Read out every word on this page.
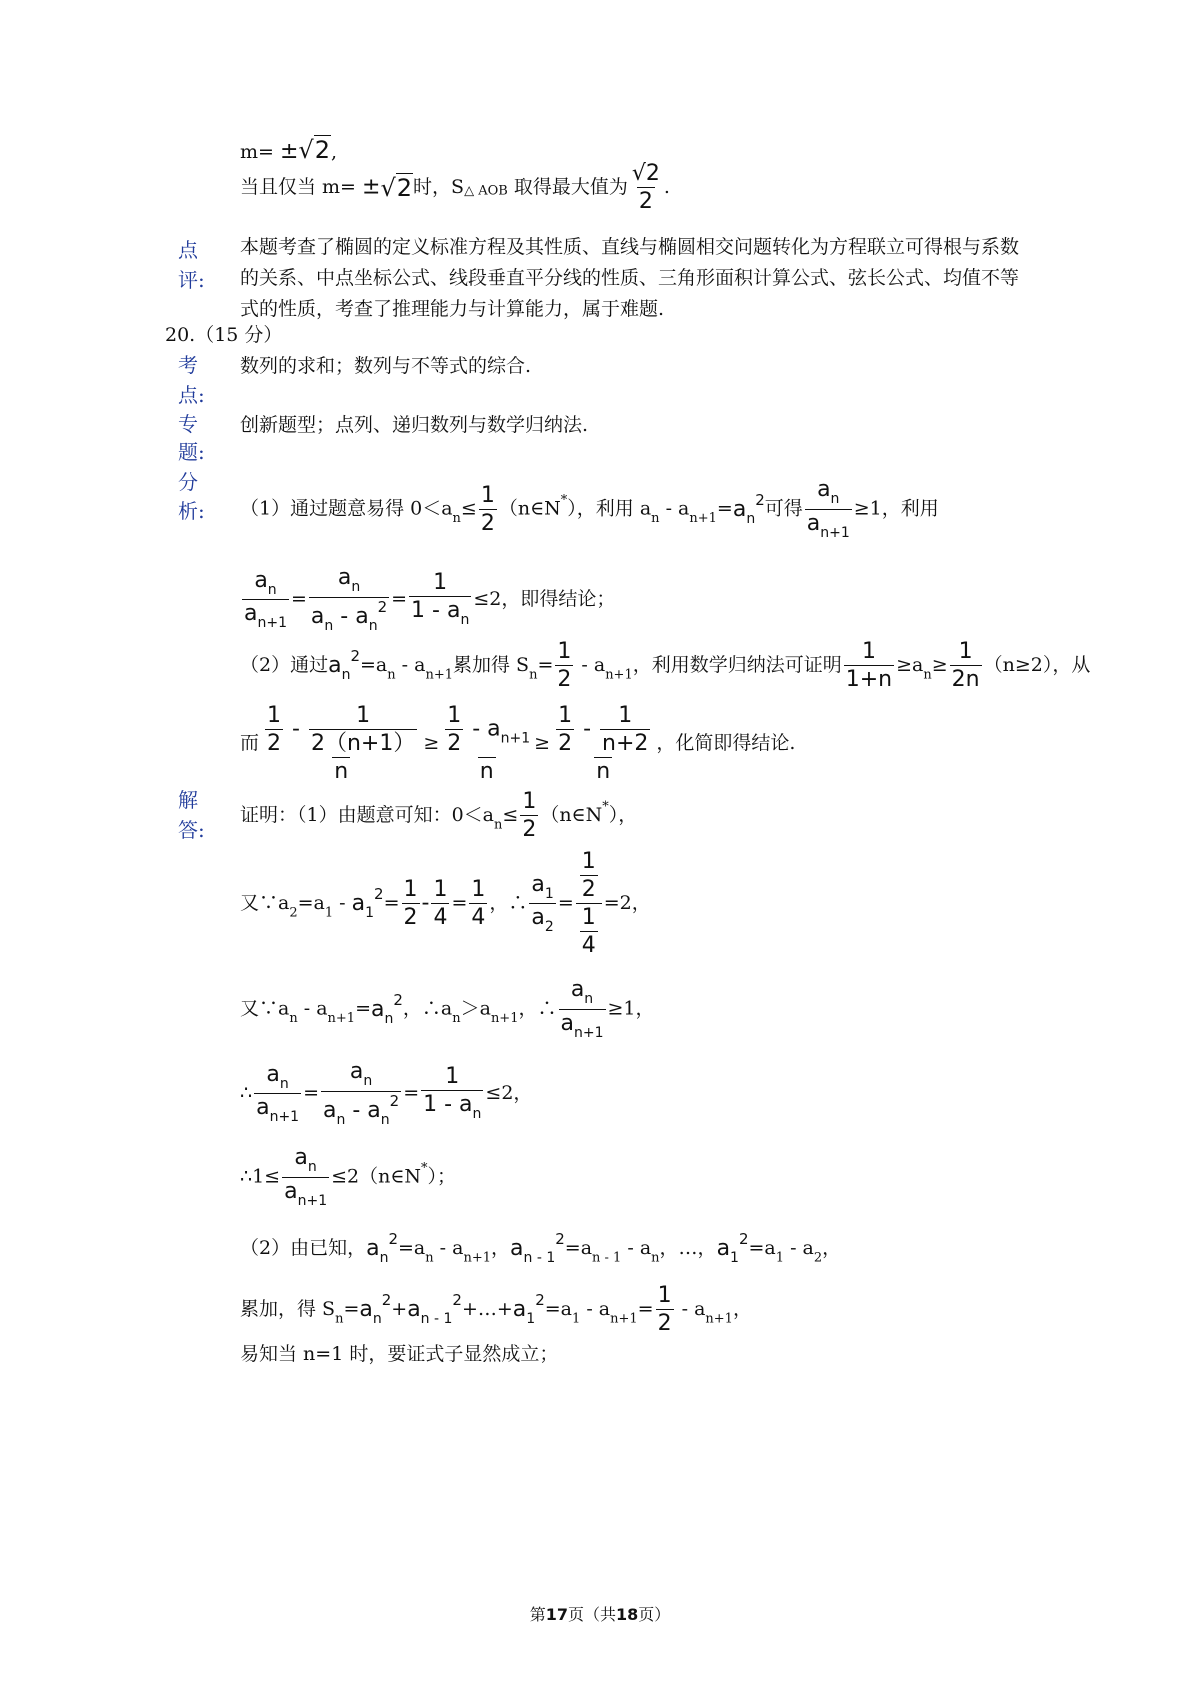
m= ±√2,
当且仅当 m= ±√2时，S△ AOB 取得最大值为 $\frac{√2}{2}$ .
点
评:
本题考查了椭圆的定义标准方程及其性质、直线与椭圆相交问题转化为方程联立可得根与系数的关系、中点坐标公式、线段垂直平分线的性质、三角形面积计算公式、弦长公式、均值不等式的性质，考查了推理能力与计算能力，属于难题.
20.（15 分）
考
点:
数列的求和；数列与不等式的综合.
专
题:
创新题型；点列、递归数列与数学归纳法.
分
析: （1）通过题意易得 $0<a_n\le \frac{1}{2}$ （n∈N*），利用 $a_n - a_{n+1}=a_n^2$可得 $\frac{a_n}{a_{n+1}} \ge 1$，利用
$\frac{a_n}{a_{n+1}} = \frac{a_n}{a_n - a_n^2} = \frac{1}{1 - a_n} \le 2$，即得结论；
（2）通过$a_n^2=a_n - a_{n+1}$累加得 $S_n= \frac{1}{2} - a_{n+1}$，利用数学归纳法可证明 $\frac{1}{1+n} \ge a_n\ge \frac{1}{2n} (n\ge 2)$，从
而 $\frac{\frac{1}{2} - \frac{1}{2(n+1)}}{n} \ge \frac{\frac{1}{2} - a_{n+1}}{n} \ge \frac{\frac{1}{2} - \frac{1}{n+2}}{n}$ ，化简即得结论.
解
答:
证明：（1）由题意可知：$0<a_n\le \frac{1}{2}$ （n∈N*），
又$\because a_2=a_1 - a_1^2= \frac{1}{2} - \frac{1}{4} = \frac{1}{4}$ ，∴ $\frac{a_1}{a_2} = \frac{\frac{1}{2}}{\frac{1}{4}} =2$，
又$\because a_n - a_{n+1}=a_n^2$，$\therefore a_n>a_{n+1}$，∴ $\frac{a_n}{a_{n+1}} \ge 1$，
∴ $\frac{a_n}{a_{n+1}} = \frac{a_n}{a_n - a_n^2} = \frac{1}{1 - a_n} \le 2$，
∴1≤ $\frac{a_n}{a_{n+1}}$ ≤2（n∈N*）；
（2）由已知，$a_n^2=a_n - a_{n+1}$，$a_{n - 1}^2=a_{n - 1} - a_n$，…，$a_1^2=a_1 - a_2$，
累加，得 $S_n=a_n^2+a_{n - 1}^2+\dots+a_1^2=a_1 - a_{n+1}= \frac{1}{2} - a_{n+1}$，
易知当 n=1 时，要证式子显然成立；
第17页（共18页）
